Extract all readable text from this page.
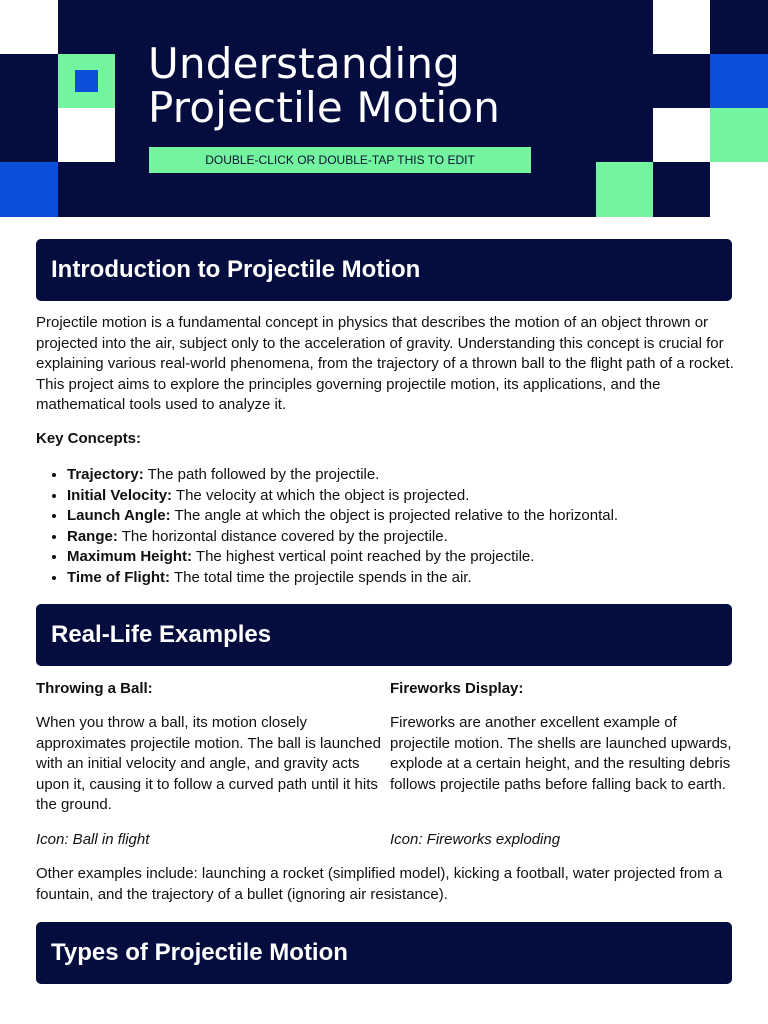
Understanding
Projectile Motion
DOUBLE-CLICK OR DOUBLE-TAP THIS TO EDIT
Introduction to Projectile Motion

Projectile motion is a fundamental concept in physics that describes the motion of an object thrown or projected into the air, subject only to the acceleration of gravity. Understanding this concept is crucial for explaining various real-world phenomena, from the trajectory of a thrown ball to the flight path of a rocket. This project aims to explore the principles governing projectile motion, its applications, and the mathematical tools used to analyze it.

Key Concepts:

• Trajectory: The path followed by the projectile.
• Initial Velocity: The velocity at which the object is projected.
• Launch Angle: The angle at which the object is projected relative to the horizontal.
• Range: The horizontal distance covered by the projectile.
• Maximum Height: The highest vertical point reached by the projectile.
• Time of Flight: The total time the projectile spends in the air.
Real-Life Examples

Throwing a Ball:

When you throw a ball, its motion closely approximates projectile motion. The ball is launched with an initial velocity and angle, and gravity acts upon it, causing it to follow a curved path until it hits the ground.

Icon: Ball in flight

Fireworks Display:

Fireworks are another excellent example of projectile motion. The shells are launched upwards, explode at a certain height, and the resulting debris follows projectile paths before falling back to earth.

Icon: Fireworks exploding

Other examples include: launching a rocket (simplified model), kicking a football, water projected from a fountain, and the trajectory of a bullet (ignoring air resistance).

Types of Projectile Motion
